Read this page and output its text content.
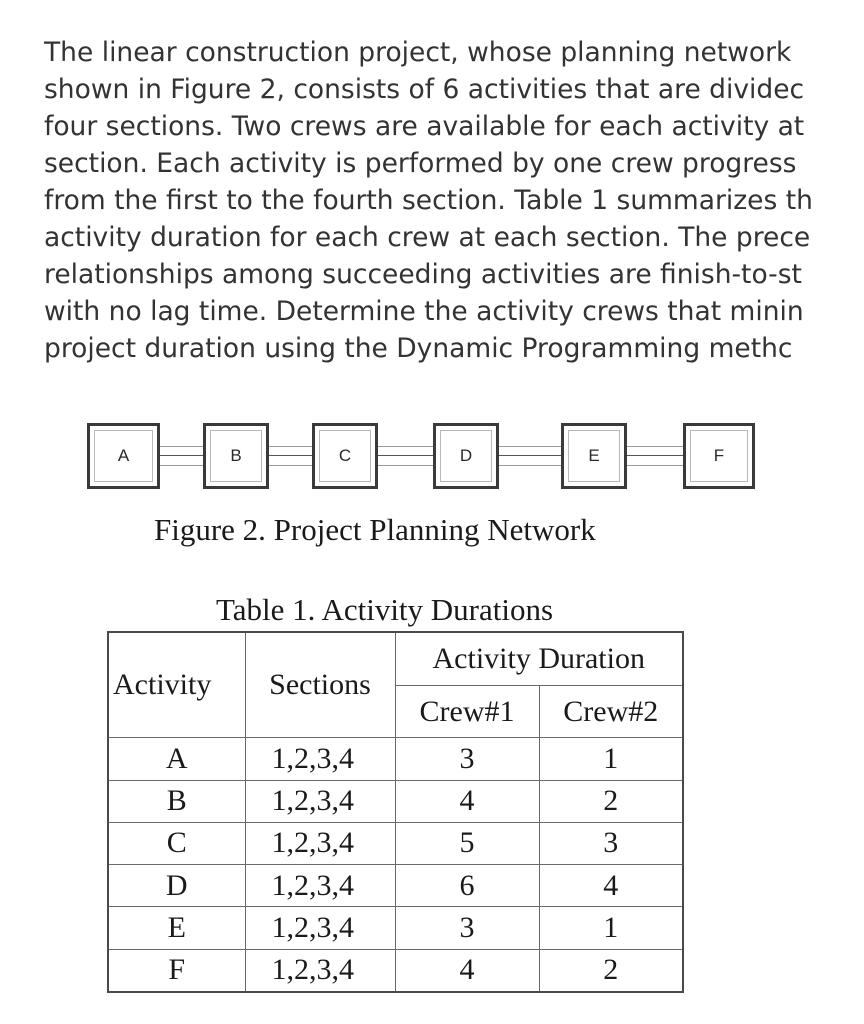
The linear construction project, whose planning network
shown in Figure 2, consists of 6 activities that are dividec
four sections. Two crews are available for each activity at
section. Each activity is performed by one crew progress
from the first to the fourth section. Table 1 summarizes th
activity duration for each crew at each section. The prece
relationships among succeeding activities are finish-to-st
with no lag time. Determine the activity crews that minin
project duration using the Dynamic Programming methc
A	B	C	D	E	F
Figure 2. Project Planning Network
Table 1. Activity Durations
Activity	Sections	Activity Duration	
		Crew#1	Crew#2
A	1,2,3,4	3	1
B	1,2,3,4	4	2
C	1,2,3,4	5	3
D	1,2,3,4	6	4
E	1,2,3,4	3	1
F	1,2,3,4	4	2
